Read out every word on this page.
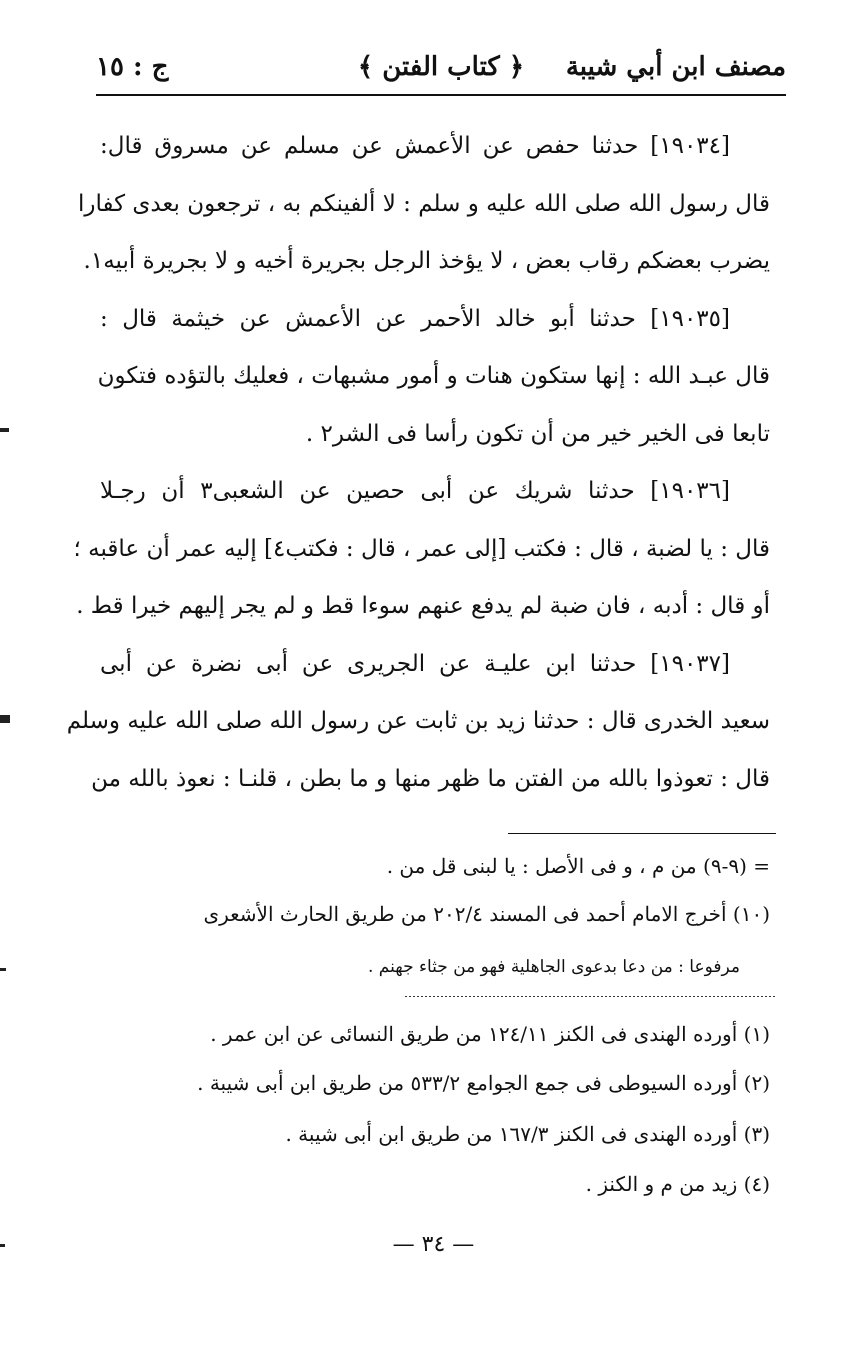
مصنف ابن أبي شيبة
﴿ كتاب الفتن ﴾
ج : ١٥
[١٩٠٣٤] حدثنا حفص عن الأعمش عن مسلم عن مسروق قال:
قال رسول الله صلى الله عليه و سلم : لا ألفينكم به ، ترجعون بعدى كفارا
يضرب بعضكم رقاب بعض ، لا يؤخذ الرجل بجريرة أخيه و لا بجريرة أبيه١.
[١٩٠٣٥] حدثنا أبو خالد الأحمر عن الأعمش عن خيثمة قال :
قال عبـد الله : إنها ستكون هنات و أمور مشبهات ، فعليك بالتؤده فتكون
تابعا فى الخير خير من أن تكون رأسا فى الشر٢ .
[١٩٠٣٦] حدثنا شريك عن أبى حصين عن الشعبى٣ أن رجـلا
قال : يا لضبة ، قال : فكتب [إلى عمر ، قال : فكتب٤] إليه عمر أن عاقبه ؛
أو قال : أدبه ، فان ضبة لم يدفع عنهم سوءا قط و لم يجر إليهم خيرا قط .
[١٩٠٣٧] حدثنا ابن عليـة عن الجريرى عن أبى نضرة عن أبى
سعيد الخدرى قال : حدثنا زيد بن ثابت عن رسول الله صلى الله عليه وسلم
قال : تعوذوا بالله من الفتن ما ظهر منها و ما بطن ، قلنـا : نعوذ بالله من
= (٩-٩) من م ، و فى الأصل : يا لبنى قل من .
(١٠) أخرج الامام أحمد فى المسند ٢٠٢/٤ من طريق الحارث الأشعرى
مرفوعا : من دعا بدعوى الجاهلية فهو من جثاء جهنم .
(١) أورده الهندى فى الكنز ١٢٤/١١ من طريق النسائى عن ابن عمر .
(٢) أورده السيوطى فى جمع الجوامع ٥٣٣/٢ من طريق ابن أبى شيبة .
(٣) أورده الهندى فى الكنز ١٦٧/٣ من طريق ابن أبى شيبة .
(٤) زيد من م و الكنز .
— ٣٤ —
